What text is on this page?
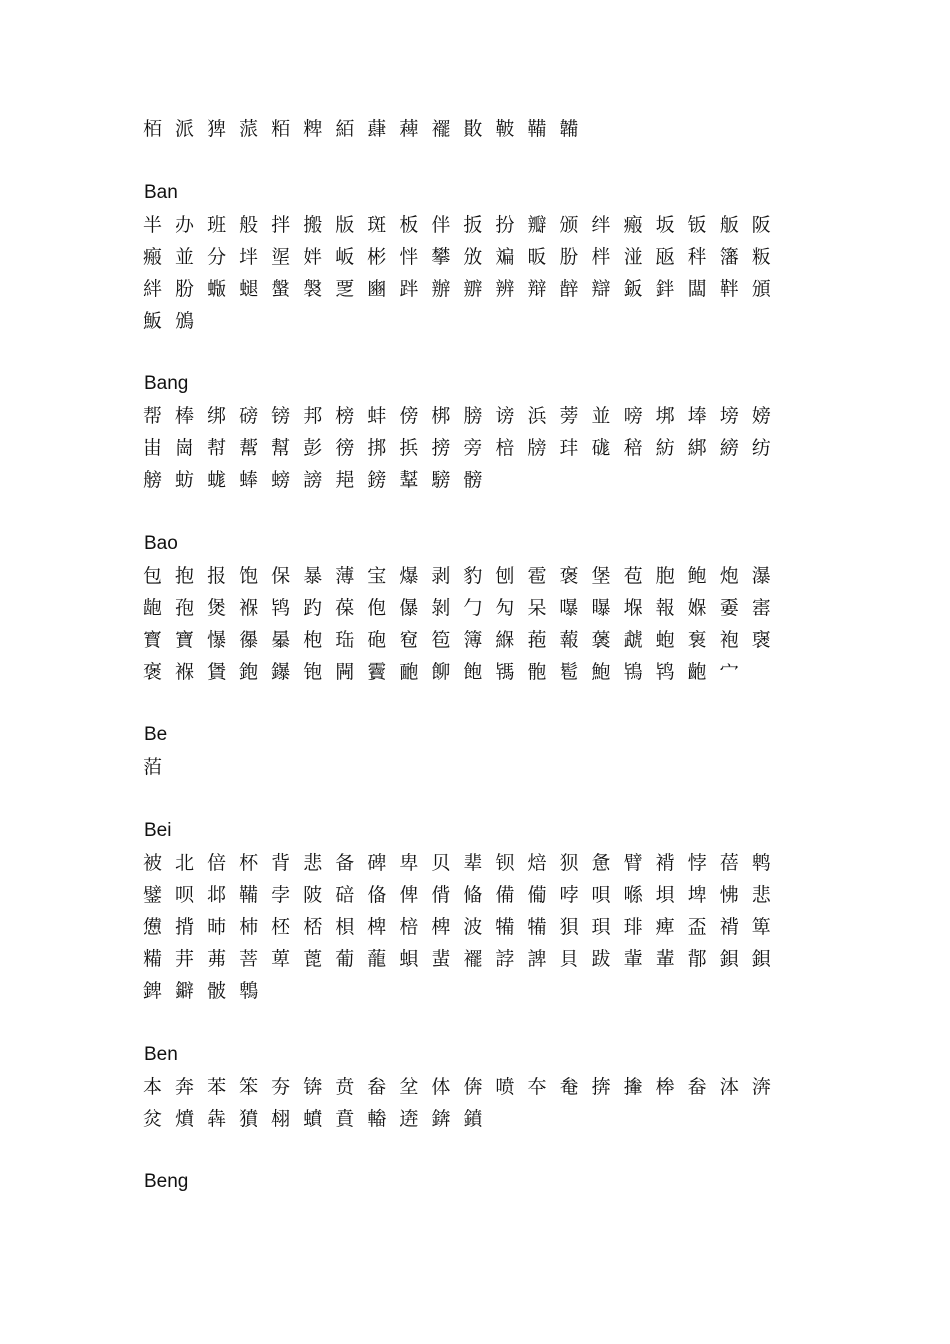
栢 派 猈 蒎 粨 粺 絔 蕼 薭 襬 贁 鞁 鞴 韛
Ban
半 办 班 般 拌 搬 版 斑 板 伴 扳 扮 瓣 颁 绊 瘢 坂 钣 舨 阪
瘢 並 分 坢 埿 姅 岅 彬 怑 攀 攽 斒 昄 朌 柈 湴 瓪 秚 籓 粄
絆 肦 蝂 螁 螌 褩 覂 豳 跘 辦 辧 辨 辩 辪 辯 鈑 鉡 闆 靽 頒
魬 鳻
Bang
帮 棒 绑 磅 镑 邦 榜 蚌 傍 梆 膀 谤 浜 蒡 並 嗙 垹 埲 塝 嫎
峀 崗 幇 幚 幫 彭 徬 挷 捠 搒 旁 棓 牓 玤 硥 稖 紡 綁 縍 纺
艕 蚄 蛖 蜯 螃 謗 邫 鎊 鞤 騯 髈
Bao
包 抱 报 饱 保 暴 薄 宝 爆 剥 豹 刨 雹 褒 堡 苞 胞 鲍 炮 瀑
龅 孢 煲 褓 鸨 趵 葆 佨 儤 剝 勹 勼 呆 嚗 曝 堢 報 媬 嫑 寚
寳 寶 懪 忁 曓 枹 珤 砲 窇 笣 簿 緥 菢 蕔 藵 虣 蚫 袌 袍 襃
褒 褓 賲 鉋 鑤 铇 闁 靌 靤 飹 飽 駂 骲 髱 鮑 鴇 鸨 齙 宀
Be
萡
Bei
被 北 倍 杯 背 悲 备 碑 卑 贝 辈 钡 焙 狈 惫 臂 褙 悖 蓓 鹎
鐾 呗 邶 鞴 孛 陂 碚 俻 俾 偝 偹 備 僃 哱 唄 喺 垻 埤 怫 悲
憊 揹 昁 杮 柸 桮 梖 椑 棓 椑 波 犕 犕 狽 珼 琲 痺 盃 禙 箄
糒 茾 茀 菩 萆 蓖 葡 蘢 蛽 蜚 襬 誖 諀 貝 跋 軰 輩 鄁 鋇 鋇
錍 鐴 骳 鵯
Ben
本 奔 苯 笨 夯 锛 贲 畚 坌 体 倴 喷 夲 奙 捹 撪 桳 畚 泍 渀
炃 燌 犇 獖 翉 蟦 賁 輽 逩 錛 鐼
Beng
